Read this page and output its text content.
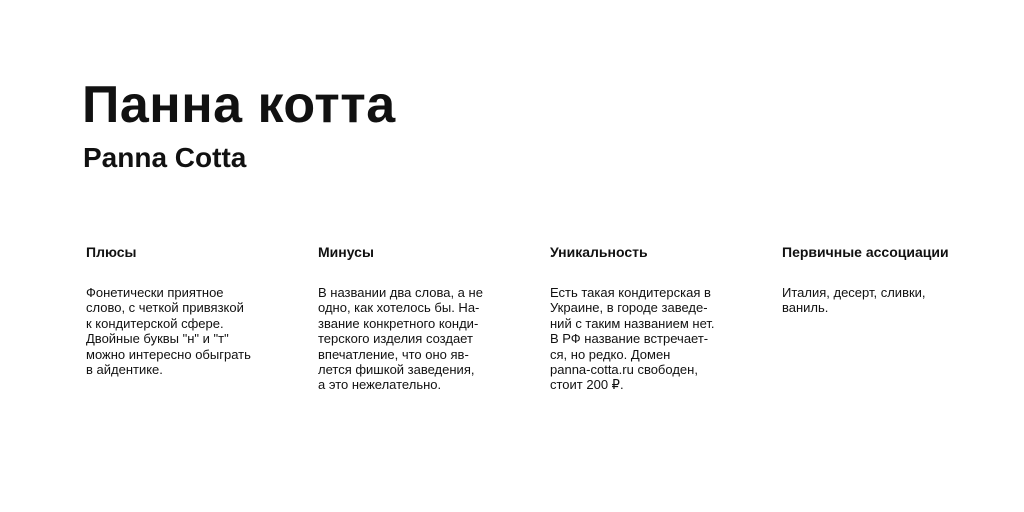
Панна котта
Panna Cotta
Плюсы

Фонетически приятное
слово, с четкой привязкой
к кондитерской сфере.
Двойные буквы "н" и "т"
можно интересно обыграть
в айдентике.

Минусы

В названии два слова, а не
одно, как хотелось бы. На-
звание конкретного конди-
терского изделия создает
впечатление, что оно яв-
лется фишкой заведения,
а это нежелательно.

Уникальность

Есть такая кондитерская в
Украине, в городе заведе-
ний с таким названием нет.
В РФ название встречает-
ся, но редко. Домен
panna-cotta.ru свободен,
стоит 200 ₽.

Первичные ассоциации

Италия, десерт, сливки,
ваниль.
